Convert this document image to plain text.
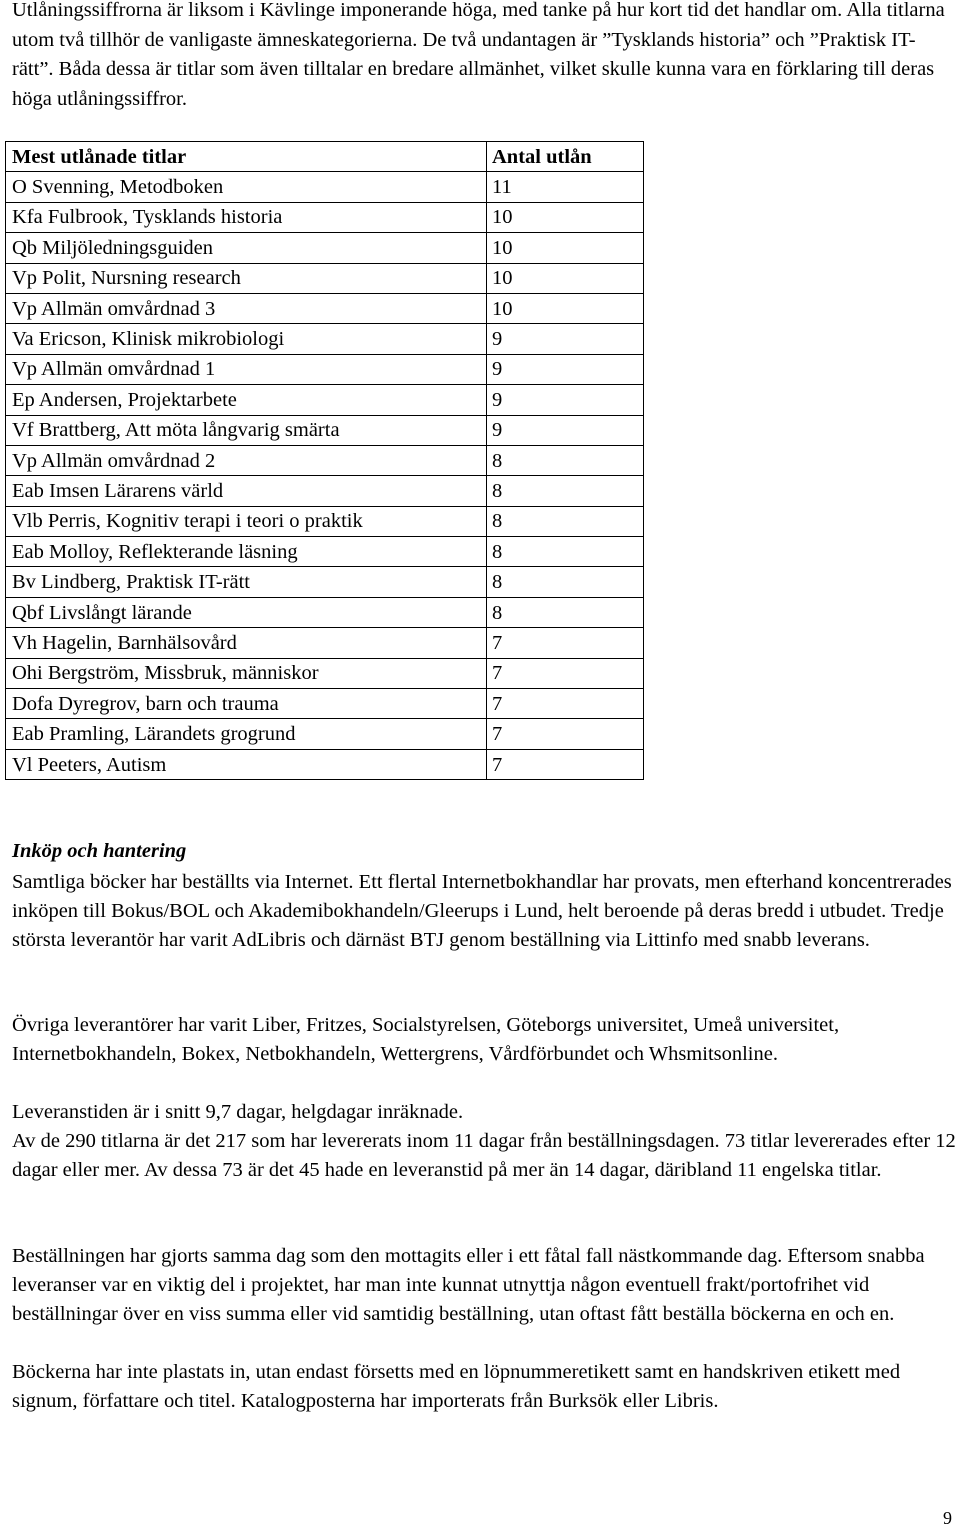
Utlåningssiffrorna är liksom i Kävlinge imponerande höga, med tanke på hur kort tid det handlar om. Alla titlarna utom två tillhör de vanligaste ämneskategorierna. De två undantagen är ”Tysklands historia” och ”Praktisk IT-rätt”. Båda dessa är titlar som även tilltalar en bredare allmänhet, vilket skulle kunna vara en förklaring till deras höga utlåningssiffror.

Mest utlånade titlar	Antal utlån
O Svenning, Metodboken	11
Kfa Fulbrook, Tysklands historia	10
Qb Miljöledningsguiden	10
Vp Polit, Nursning research	10
Vp Allmän omvårdnad 3	10
Va Ericson, Klinisk mikrobiologi	9
Vp Allmän omvårdnad 1	9
Ep Andersen, Projektarbete	9
Vf Brattberg, Att möta långvarig smärta	9
Vp Allmän omvårdnad 2	8
Eab Imsen Lärarens värld	8
Vlb Perris, Kognitiv terapi i teori o praktik	8
Eab Molloy, Reflekterande läsning	8
Bv Lindberg, Praktisk IT-rätt	8
Qbf Livslångt lärande	8
Vh Hagelin, Barnhälsovård	7
Ohi Bergström, Missbruk, människor	7
Dofa Dyregrov, barn och trauma	7
Eab Pramling, Lärandets grogrund	7
Vl Peeters, Autism	7

Inköp och hantering

Samtliga böcker har beställts via Internet. Ett flertal Internetbokhandlar har provats, men efterhand koncentrerades inköpen till Bokus/BOL och Akademibokhandeln/Gleerups i Lund, helt beroende på deras bredd i utbudet. Tredje största leverantör har varit AdLibris och därnäst BTJ genom beställning via Littinfo med snabb leverans.

Övriga leverantörer har varit Liber, Fritzes, Socialstyrelsen, Göteborgs universitet, Umeå universitet, Internetbokhandeln, Bokex, Netbokhandeln, Wettergrens, Vårdförbundet och Whsmitsonline.

Leveranstiden är i snitt 9,7 dagar, helgdagar inräknade.

Av de 290 titlarna är det 217 som har levererats inom 11 dagar från beställningsdagen. 73 titlar levererades efter 12 dagar eller mer. Av dessa 73 är det 45 hade en leveranstid på mer än 14 dagar, däribland 11 engelska titlar.

Beställningen har gjorts samma dag som den mottagits eller i ett fåtal fall nästkommande dag. Eftersom snabba leveranser var en viktig del i projektet, har man inte kunnat utnyttja någon eventuell frakt/portofrihet vid beställningar över en viss summa eller vid samtidig beställning, utan oftast fått beställa böckerna en och en.

Böckerna har inte plastats in, utan endast försetts med en löpnummeretikett samt en handskriven etikett med signum, författare och titel. Katalogposterna har importerats från Burksök eller Libris.

9
